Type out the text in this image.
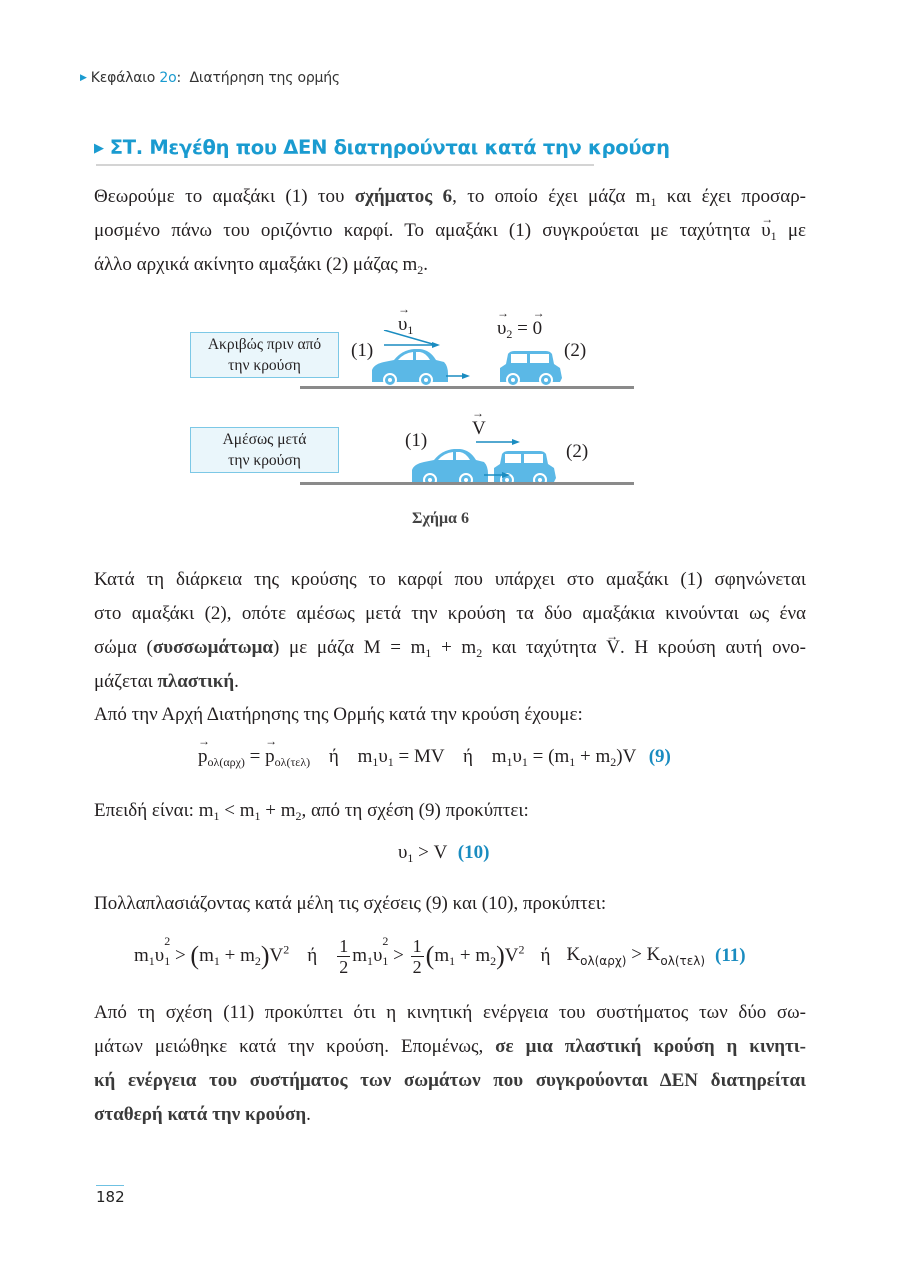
▶ Κεφάλαιο 2ο:  Διατήρηση της ορμής
▶ ΣΤ. Μεγέθη που ΔΕΝ διατηρούνται κατά την κρούση
Θεωρούμε το αμαξάκι (1) του σχήματος 6, το οποίο έχει μάζα $m_1$ και έχει προσαρ-
μοσμένο πάνω του οριζόντιο καρφί. Το αμαξάκι (1) συγκρούεται με $\tau\alpha\chi ύ\tau\eta\tau\alpha \to \upsilon_1$ με
άλλο αρχικά ακίνητο αμαξάκι (2) μάζας $m_2$.
Ακριβώς πριν από
την κρούση
(1)
→ $\upsilon_1$	→ $\upsilon_2$ = → 0
(2)
Αμέσως μετά
την κρούση
(1)
→ V
(2)
Σχήμα 6
Κατά τη διάρκεια της κρούσης το καρφί που υπάρχει στο αμαξάκι (1) σφηνώνεται
στο αμαξάκι (2), οπότε αμέσως μετά την κρούση τα δύο αμαξάκια κινούνται ως ένα
σώμα (συσσωμάτωμα) με μάζα $M = m_1 + m_2$ και ταχύτητα → V. Η κρούση αυτή ονο-
μάζεται πλαστική.
Από την Αρχή Διατήρησης της Ορμής κατά την κρούση έχουμε:
→ $p_{o\lambda(\alpha\rho\chi)}$ = → $p_{o\lambda(\tau\varepsilon\lambda)}$ ή $m_1\upsilon_1$ = MV ή $m_1\upsilon_1 = (m_1 + m_2)V$ (9)
Επειδή είναι: $m_1 < m_1 + m_2$, από τη σχέση (9) προκύπτει:
$\upsilon_1 > V$ (10)
Πολλαπλασιάζοντας κατά μέλη τις σχέσεις (9) και (10), προκύπτει:
$m_1\upsilon$
2
$_1 > (m_1 + m_2)V^2$ ή $\frac{1}{2} m_1\upsilon$
2
$_1 > \frac{1}{2} (m_1 + m_2)V^2$ ή $K_{o\lambda(\alpha\rho\chi)} > K_{o\lambda(\tau\varepsilon\lambda)}$ (11)
Από τη σχέση (11) προκύπτει ότι η κινητική ενέργεια του συστήματος των δύο σω-
μάτων μειώθηκε κατά την κρούση. Επομένως, σε μια πλαστική κρούση η κινητι-
κή ενέργεια του συστήματος των σωμάτων που συγκρούονται ΔΕΝ διατηρείται
σταθερή κατά την κρούση.
182
